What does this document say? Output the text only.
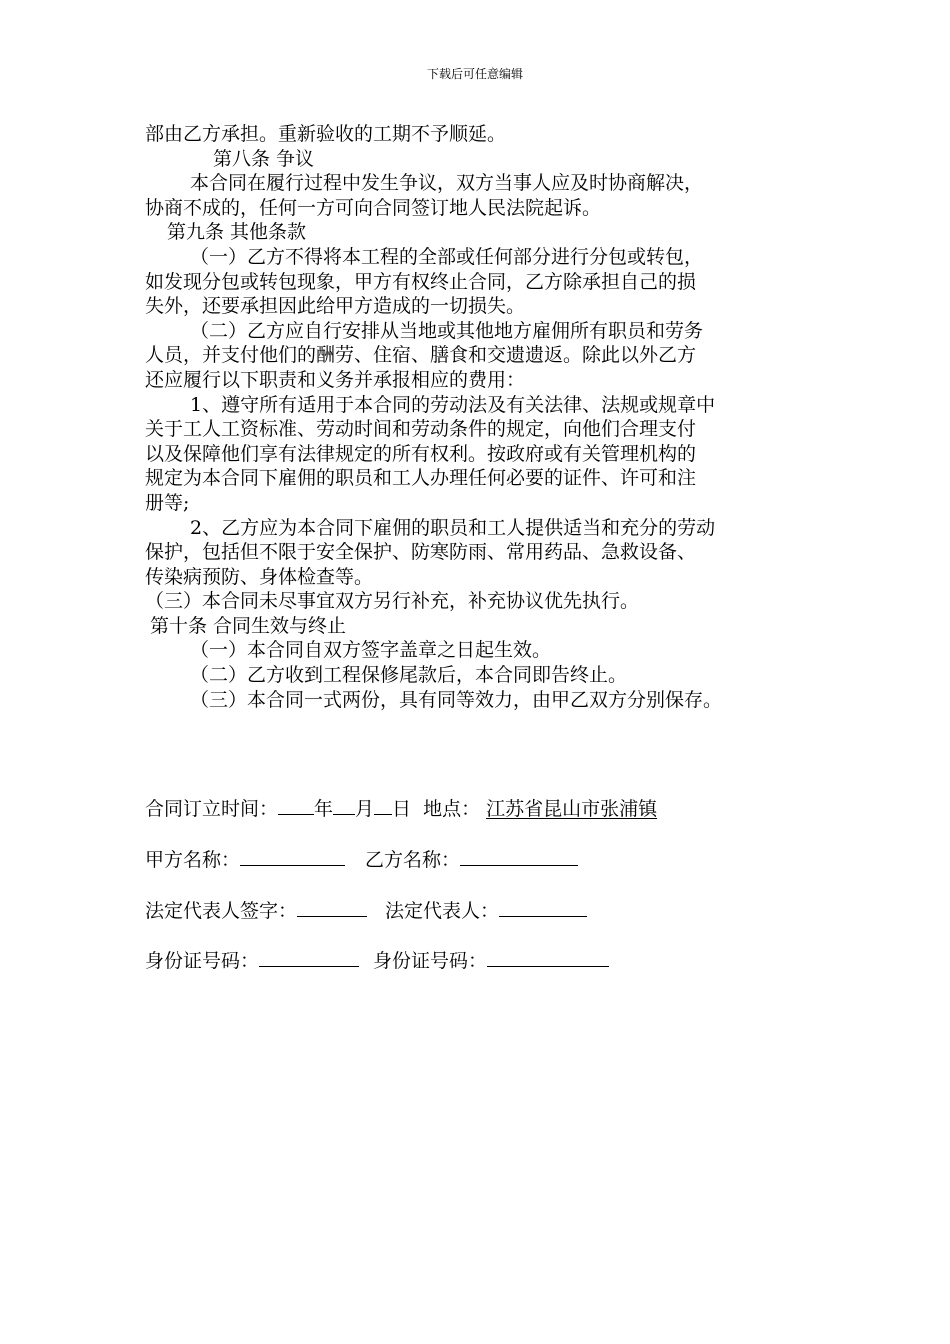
下载后可任意编辑
部由乙方承担。重新验收的工期不予顺延。
第八条 争议
本合同在履行过程中发生争议，双方当事人应及时协商解决，
协商不成的，任何一方可向合同签订地人民法院起诉。
第九条 其他条款
（一）乙方不得将本工程的全部或任何部分进行分包或转包，
如发现分包或转包现象，甲方有权终止合同，乙方除承担自己的损
失外，还要承担因此给甲方造成的一切损失。
（二）乙方应自行安排从当地或其他地方雇佣所有职员和劳务
人员，并支付他们的酬劳、住宿、膳食和交遗遗返。除此以外乙方
还应履行以下职责和义务并承报相应的费用：
1、遵守所有适用于本合同的劳动法及有关法律、法规或规章中
关于工人工资标准、劳动时间和劳动条件的规定，向他们合理支付
以及保障他们享有法律规定的所有权利。按政府或有关管理机构的
规定为本合同下雇佣的职员和工人办理任何必要的证件、许可和注
册等;
2、乙方应为本合同下雇佣的职员和工人提供适当和充分的劳动
保护，包括但不限于安全保护、防寒防雨、常用药品、急救设备、
传染病预防、身体检查等。
（三）本合同未尽事宜双方另行补充，补充协议优先执行。
第十条 合同生效与终止
（一）本合同自双方签字盖章之日起生效。
（二）乙方收到工程保修尾款后，本合同即告终止。
（三）本合同一式两份，具有同等效力，由甲乙双方分别保存。
合同订立时间： 年 月 日 地点： 江苏省昆山市张浦镇
甲方名称：	乙方名称：
法定代表人签字：	法定代表人：
身份证号码：	身份证号码：
